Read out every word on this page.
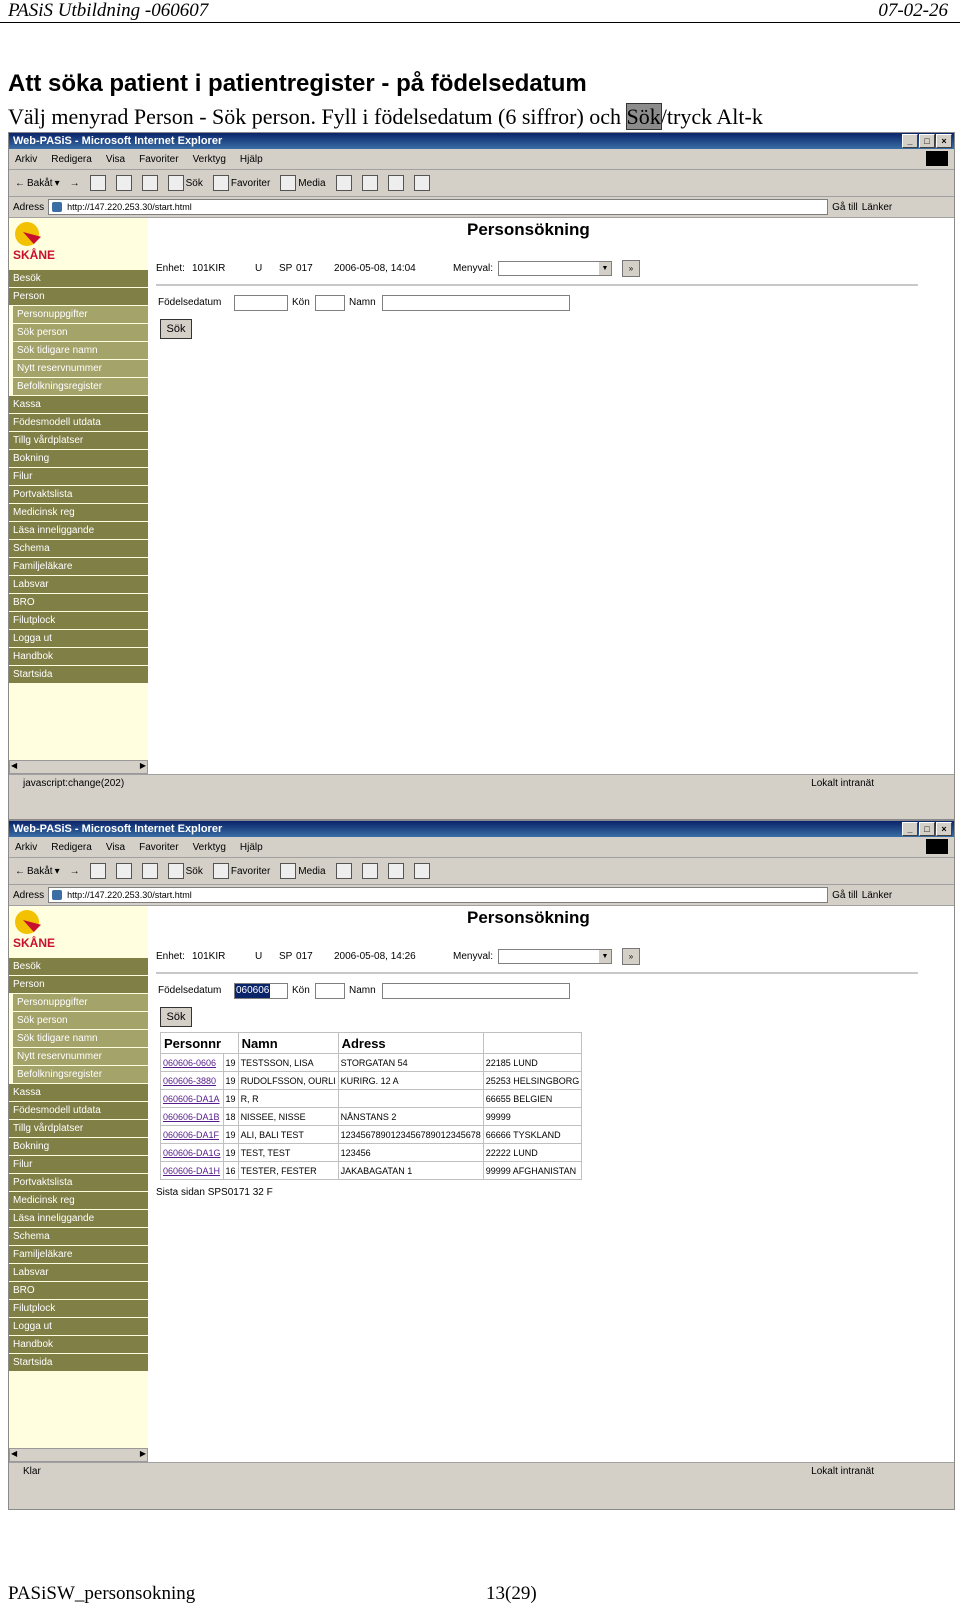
PASiS Utbildning -060607	07-02-26
Att söka patient i patientregister - på födelsedatum
Välj menyrad Person - Sök person. Fyll i födelsedatum (6 siffror) och Sök/tryck Alt-k
Web-PASiS - Microsoft Internet Explorer	_	□	×
Arkiv Redigera Visa Favoriter Verktyg Hjälp
← Bakåt ▾ →	Sök	Favoriter	Media
Adress	http://147.220.253.30/start.html	Gå till Länker
SKÅNE
Besök
Person
Personuppgifter
Sök person
Sök tidigare namn
Nytt reservnummer
Befolkningsregister
Kassa
Födesmodell utdata
Tillg vårdplatser
Bokning
Filur
Portvaktslista
Medicinsk reg
Läsa inneliggande
Schema
Familjeläkare
Labsvar
BRO
Filutplock
Logga ut
Handbok
Startsida
◀ ▶
Personsökning
Enhet: 101KIR	U SP 017 2006-05-08, 14:04	Menyval: ▼	»
Födelsedatum	Kön	Namn
Sök
javascript:change(202)	Lokalt intranät
Web-PASiS - Microsoft Internet Explorer	_	□	×
Arkiv Redigera Visa Favoriter Verktyg Hjälp
← Bakåt ▾ →	Sök	Favoriter	Media
Adress	http://147.220.253.30/start.html	Gå till Länker
SKÅNE
Besök
Person
Personuppgifter
Sök person
Sök tidigare namn
Nytt reservnummer
Befolkningsregister
Kassa
Födesmodell utdata
Tillg vårdplatser
Bokning
Filur
Portvaktslista
Medicinsk reg
Läsa inneliggande
Schema
Familjeläkare
Labsvar
BRO
Filutplock
Logga ut
Handbok
Startsida
◀ ▶
Personsökning
Enhet: 101KIR	U SP 017 2006-05-08, 14:26	Menyval: ▼	»
Födelsedatum 060606 Kön	Namn
Sök
Personnr		Namn	Adress	
060606-0606	19	TESTSSON, LISA	STORGATAN 54	22185 LUND
060606-3880	19	RUDOLFSSON, OURLI	KURIRG. 12 A	25253 HELSINGBORG
060606-DA1A	19	R, R		66655 BELGIEN
060606-DA1B	18	NISSEE, NISSE	NÅNSTANS 2	99999
060606-DA1F	19	ALI, BALI TEST	1234567890123456789012345678	66666 TYSKLAND
060606-DA1G	19	TEST, TEST	123456	22222 LUND
060606-DA1H	16	TESTER, FESTER	JAKABAGATAN 1	99999 AFGHANISTAN
Sista sidan SPS0171 32 F
Klar	Lokalt intranät
PASiSW_personsokning	13(29)
